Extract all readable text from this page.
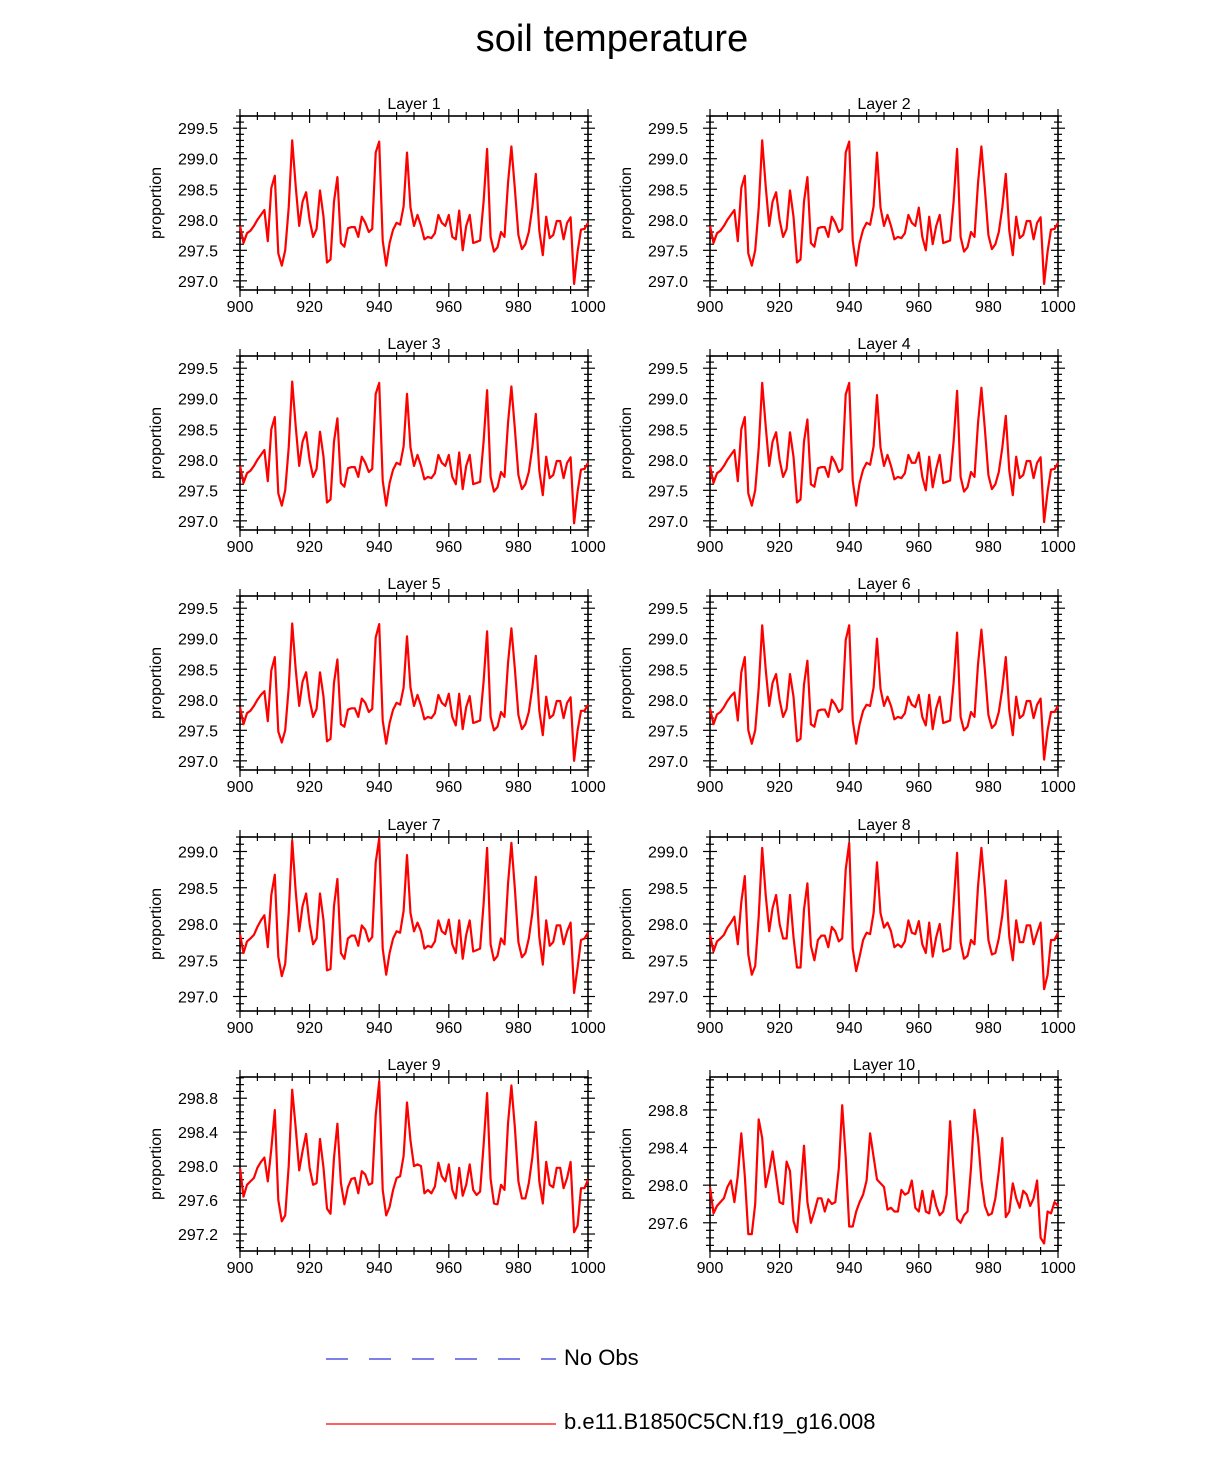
soil temperature
Layer 1
proportion
900	920	940	960	980 1000
297.0
297.5
298.0
298.5
299.0
299.5
Layer 2
proportion
900	920	940	960	980 1000
297.0
297.5
298.0
298.5
299.0
299.5
Layer 3
proportion
900	920	940	960	980 1000
297.0
297.5
298.0
298.5
299.0
299.5
Layer 4
proportion
900	920	940	960	980 1000
297.0
297.5
298.0
298.5
299.0
299.5
Layer 5
proportion
900	920	940	960	980 1000
297.0
297.5
298.0
298.5
299.0
299.5
Layer 6
proportion
900	920	940	960	980 1000
297.0
297.5
298.0
298.5
299.0
299.5
Layer 7
proportion
900	920	940	960	980 1000
297.0
297.5
298.0
298.5
299.0
Layer 8
proportion
900	920	940	960	980 1000
297.0
297.5
298.0
298.5
299.0
Layer 9
proportion
900	920	940	960	980 1000
297.2
297.6
298.0
298.4
298.8
Layer 10
proportion
900	920	940	960	980 1000
297.6
298.0
298.4
298.8
No Obs
b.e11.B1850C5CN.f19_g16.008
